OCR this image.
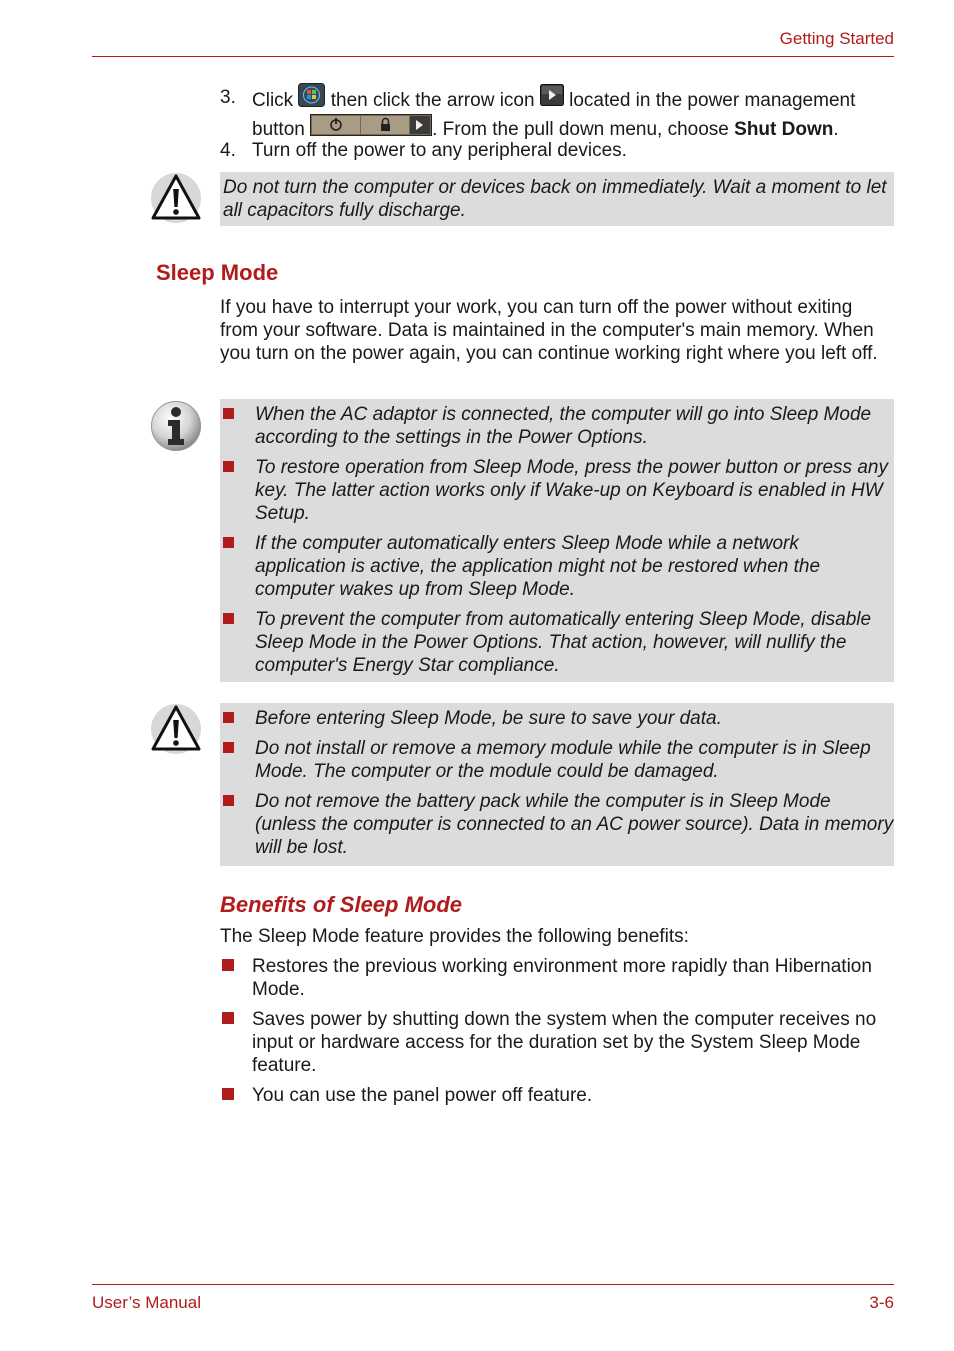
Getting Started
3. Click then click the arrow icon located in the power management button	. From the pull down menu, choose Shut Down.
4. Turn off the power to any peripheral devices.
Do not turn the computer or devices back on immediately. Wait a moment to let all capacitors fully discharge.
Sleep Mode
If you have to interrupt your work, you can turn off the power without exiting from your software. Data is maintained in the computer's main memory. When you turn on the power again, you can continue working right where you left off.
When the AC adaptor is connected, the computer will go into Sleep Mode according to the settings in the Power Options.
To restore operation from Sleep Mode, press the power button or press any key. The latter action works only if Wake-up on Keyboard is enabled in HW Setup.
If the computer automatically enters Sleep Mode while a network application is active, the application might not be restored when the computer wakes up from Sleep Mode.
To prevent the computer from automatically entering Sleep Mode, disable Sleep Mode in the Power Options. That action, however, will nullify the computer's Energy Star compliance.
Before entering Sleep Mode, be sure to save your data.
Do not install or remove a memory module while the computer is in Sleep Mode. The computer or the module could be damaged.
Do not remove the battery pack while the computer is in Sleep Mode (unless the computer is connected to an AC power source). Data in memory will be lost.
Benefits of Sleep Mode
The Sleep Mode feature provides the following benefits:
Restores the previous working environment more rapidly than Hibernation Mode.
Saves power by shutting down the system when the computer receives no input or hardware access for the duration set by the System Sleep Mode feature.
You can use the panel power off feature.
User’s Manual	3-6
